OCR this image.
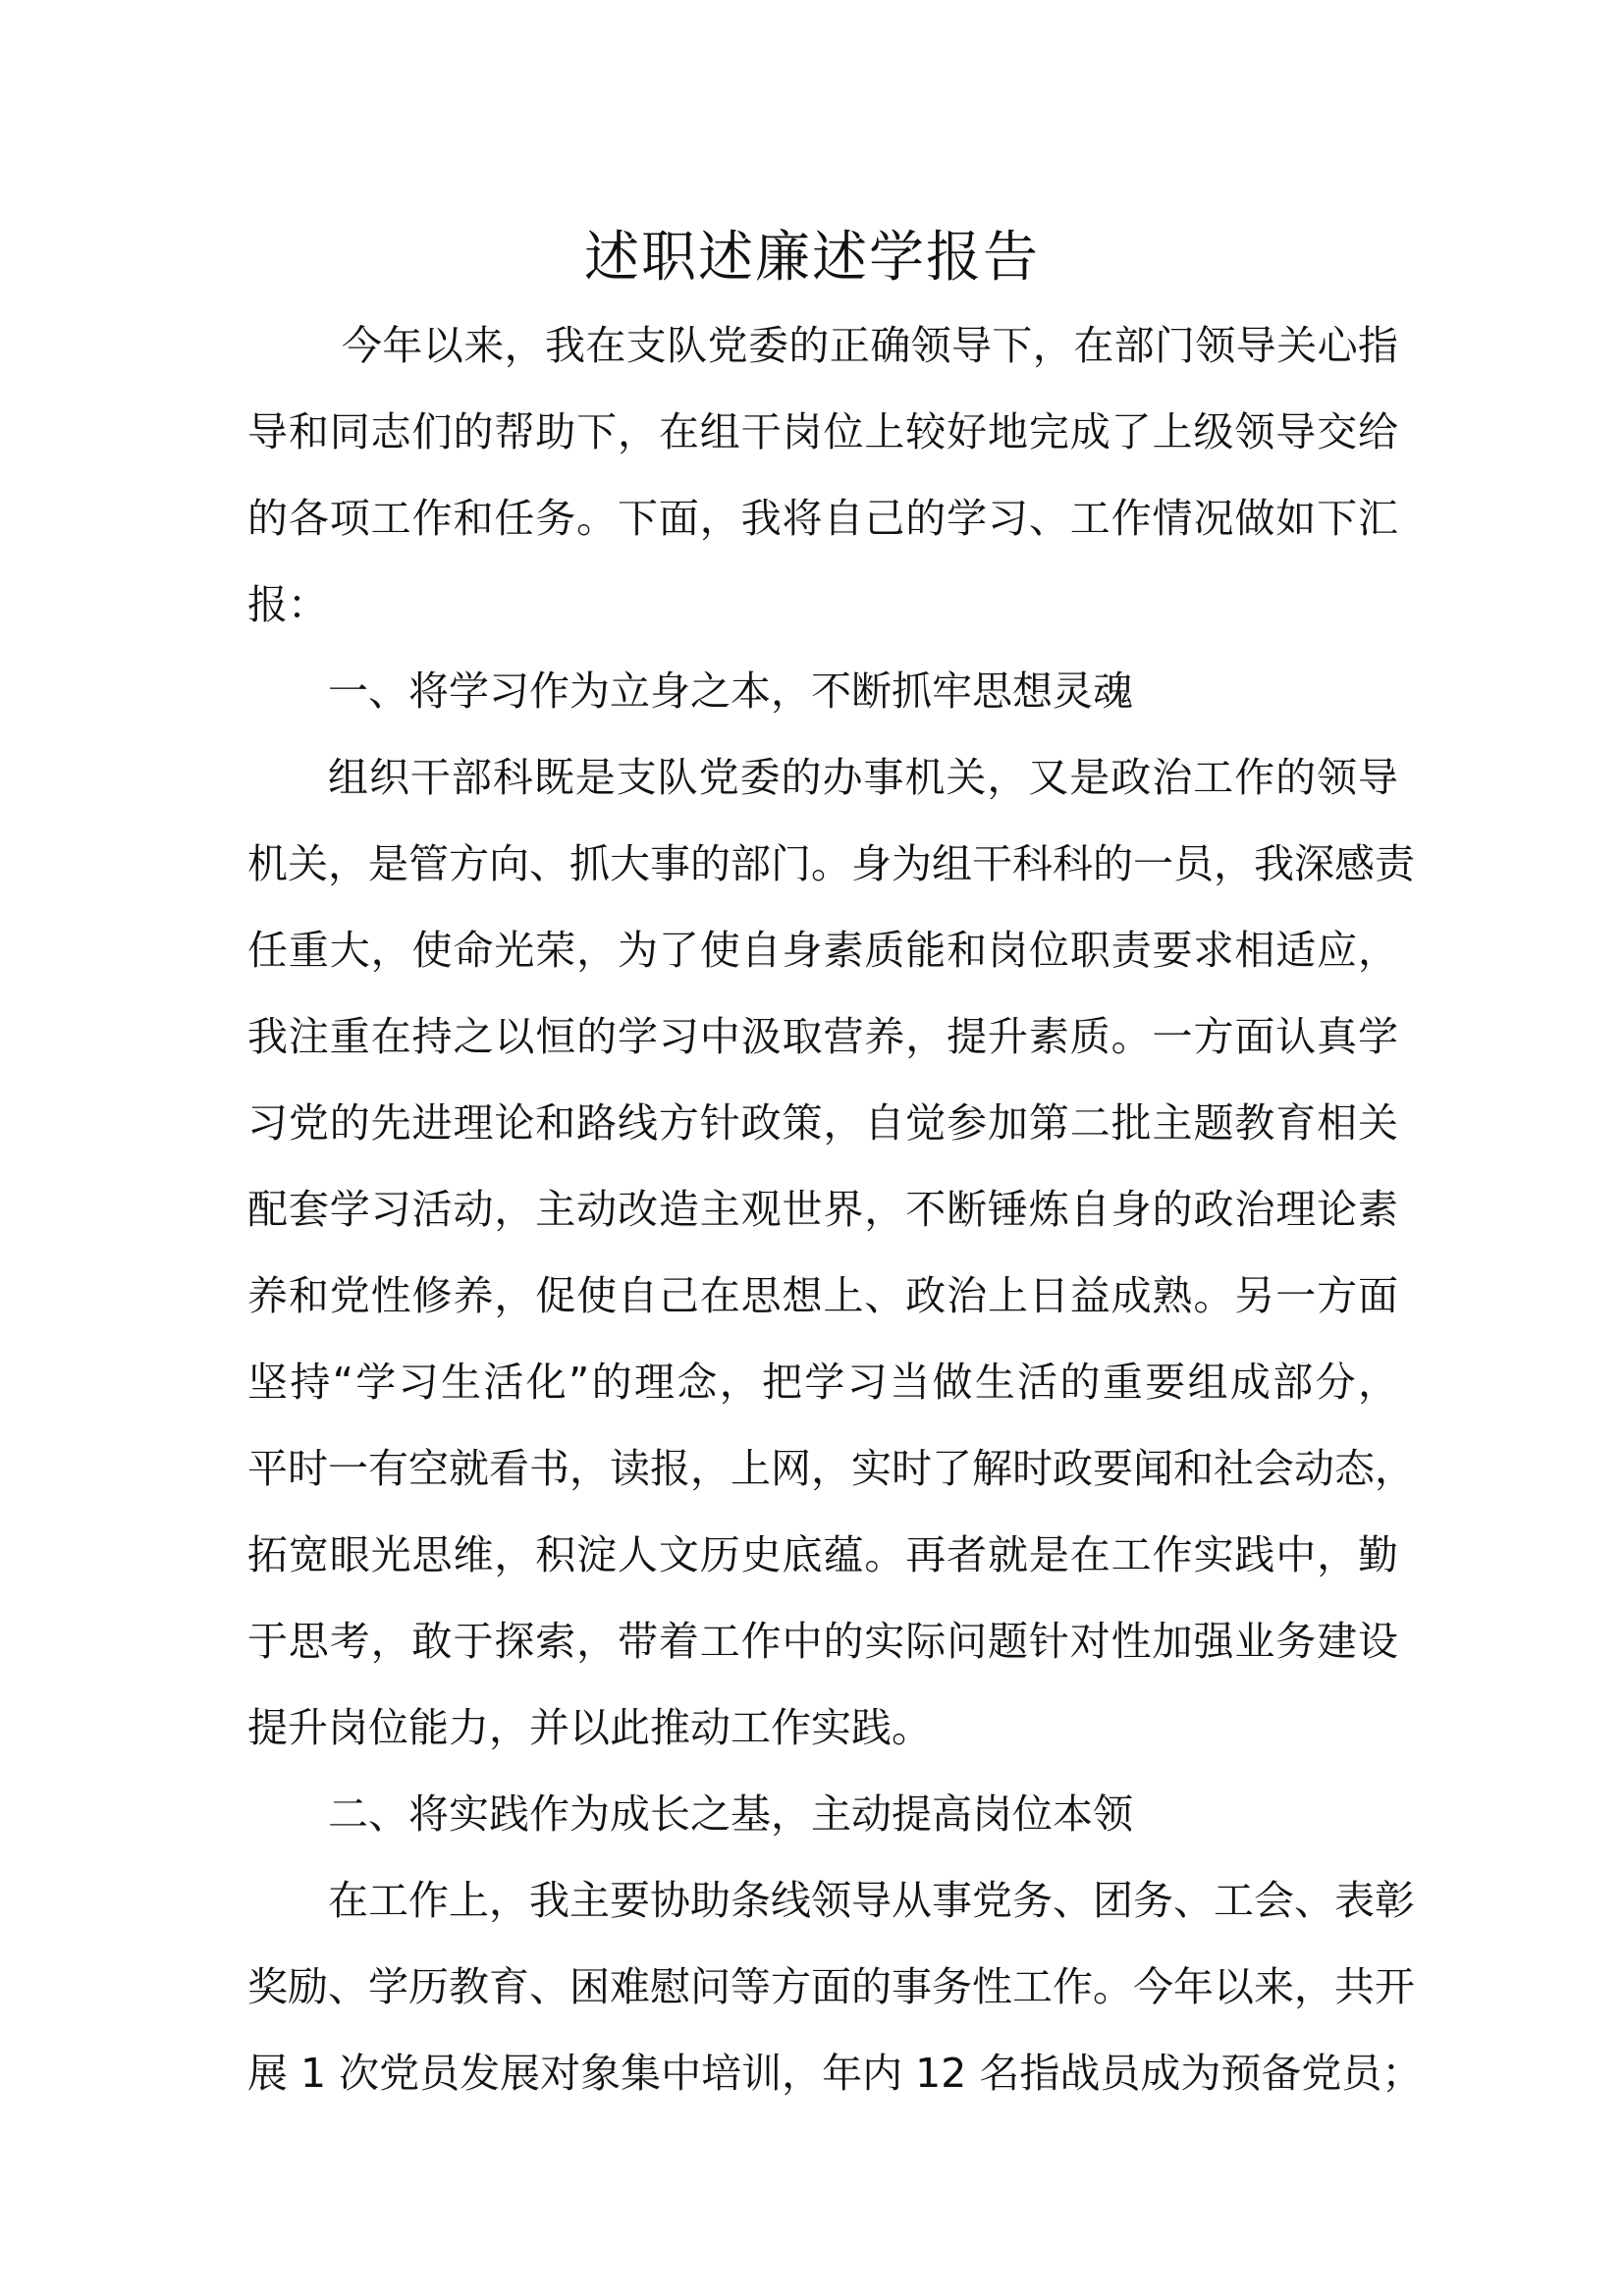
述职述廉述学报告
今年以来，我在支队党委的正确领导下，在部门领导关心指
导和同志们的帮助下，在组干岗位上较好地完成了上级领导交给
的各项工作和任务。下面，我将自己的学习、工作情况做如下汇
报：
一、将学习作为立身之本，不断抓牢思想灵魂
组织干部科既是支队党委的办事机关，又是政治工作的领导
机关，是管方向、抓大事的部门。身为组干科科的一员，我深感责
任重大，使命光荣，为了使自身素质能和岗位职责要求相适应，
我注重在持之以恒的学习中汲取营养，提升素质。一方面认真学
习党的先进理论和路线方针政策，自觉参加第二批主题教育相关
配套学习活动，主动改造主观世界，不断锤炼自身的政治理论素
养和党性修养，促使自己在思想上、政治上日益成熟。另一方面
坚持“学习生活化”的理念，把学习当做生活的重要组成部分，
平时一有空就看书，读报，上网，实时了解时政要闻和社会动态，
拓宽眼光思维，积淀人文历史底蕴。再者就是在工作实践中，勤
于思考，敢于探索，带着工作中的实际问题针对性加强业务建设
提升岗位能力，并以此推动工作实践。
二、将实践作为成长之基，主动提高岗位本领
在工作上，我主要协助条线领导从事党务、团务、工会、表彰
奖励、学历教育、困难慰问等方面的事务性工作。今年以来，共开
展 1 次党员发展对象集中培训，年内 12 名指战员成为预备党员；
